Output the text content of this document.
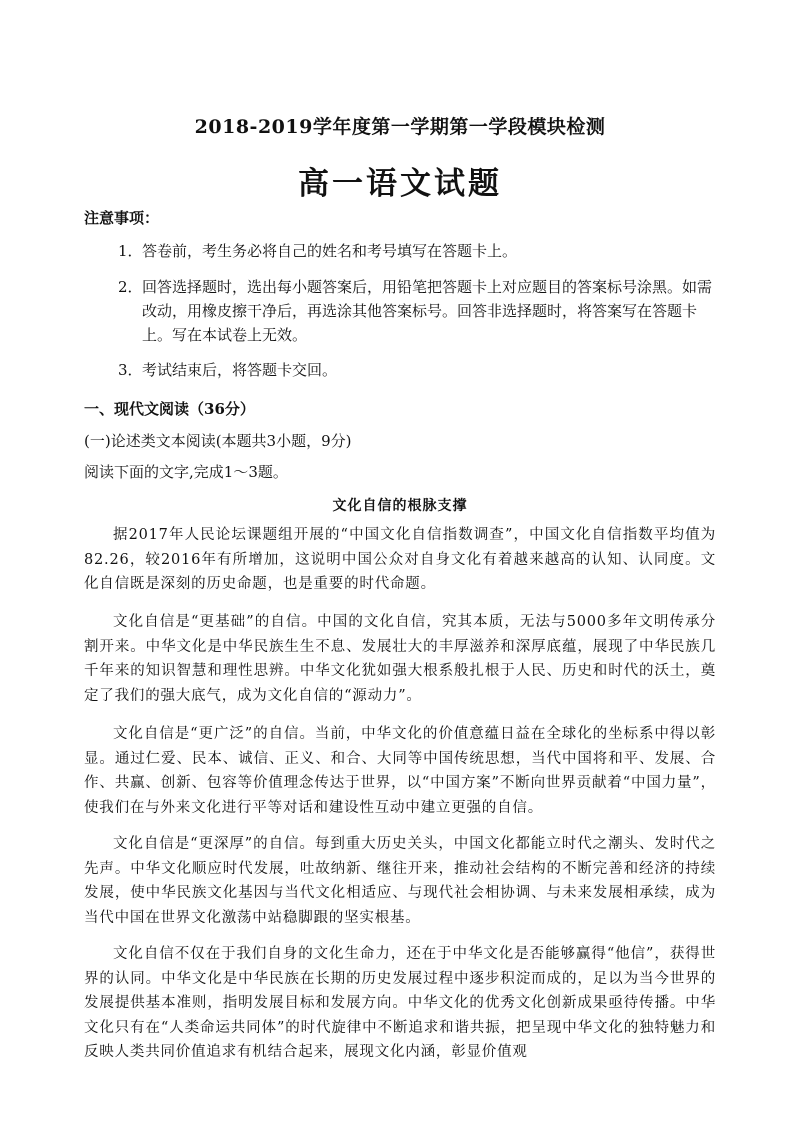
2018-2019学年度第一学期第一学段模块检测
高一语文试题
注意事项：
1． 答卷前，考生务必将自己的姓名和考号填写在答题卡上。
2． 回答选择题时，选出每小题答案后，用铅笔把答题卡上对应题目的答案标号涂黑。如需改动，用橡皮擦干净后，再选涂其他答案标号。回答非选择题时，将答案写在答题卡上。写在本试卷上无效。
3． 考试结束后，将答题卡交回。
一、现代文阅读（36分）
(一)论述类文本阅读(本题共3小题，9分)
阅读下面的文字,完成1～3题。
文化自信的根脉支撑

据2017年人民论坛课题组开展的“中国文化自信指数调查”，中国文化自信指数平均值为82.26，较2016年有所增加，这说明中国公众对自身文化有着越来越高的认知、认同度。文化自信既是深刻的历史命题，也是重要的时代命题。

文化自信是“更基础”的自信。中国的文化自信，究其本质，无法与5000多年文明传承分割开来。中华文化是中华民族生生不息、发展壮大的丰厚滋养和深厚底蕴，展现了中华民族几千年来的知识智慧和理性思辨。中华文化犹如强大根系般扎根于人民、历史和时代的沃土，奠定了我们的强大底气，成为文化自信的“源动力”。

文化自信是“更广泛”的自信。当前，中华文化的价值意蕴日益在全球化的坐标系中得以彰显。通过仁爱、民本、诚信、正义、和合、大同等中国传统思想，当代中国将和平、发展、合作、共赢、创新、包容等价值理念传达于世界，以“中国方案”不断向世界贡献着“中国力量”，使我们在与外来文化进行平等对话和建设性互动中建立更强的自信。

文化自信是“更深厚”的自信。每到重大历史关头，中国文化都能立时代之潮头、发时代之先声。中华文化顺应时代发展，吐故纳新、继往开来，推动社会结构的不断完善和经济的持续发展，使中华民族文化基因与当代文化相适应、与现代社会相协调、与未来发展相承续，成为当代中国在世界文化激荡中站稳脚跟的坚实根基。

文化自信不仅在于我们自身的文化生命力，还在于中华文化是否能够赢得“他信”，获得世界的认同。中华文化是中华民族在长期的历史发展过程中逐步积淀而成的，足以为当今世界的发展提供基本准则，指明发展目标和发展方向。中华文化的优秀文化创新成果亟待传播。中华文化只有在“人类命运共同体”的时代旋律中不断追求和谐共振，把呈现中华文化的独特魅力和反映人类共同价值追求有机结合起来，展现文化内涵，彰显价值观
